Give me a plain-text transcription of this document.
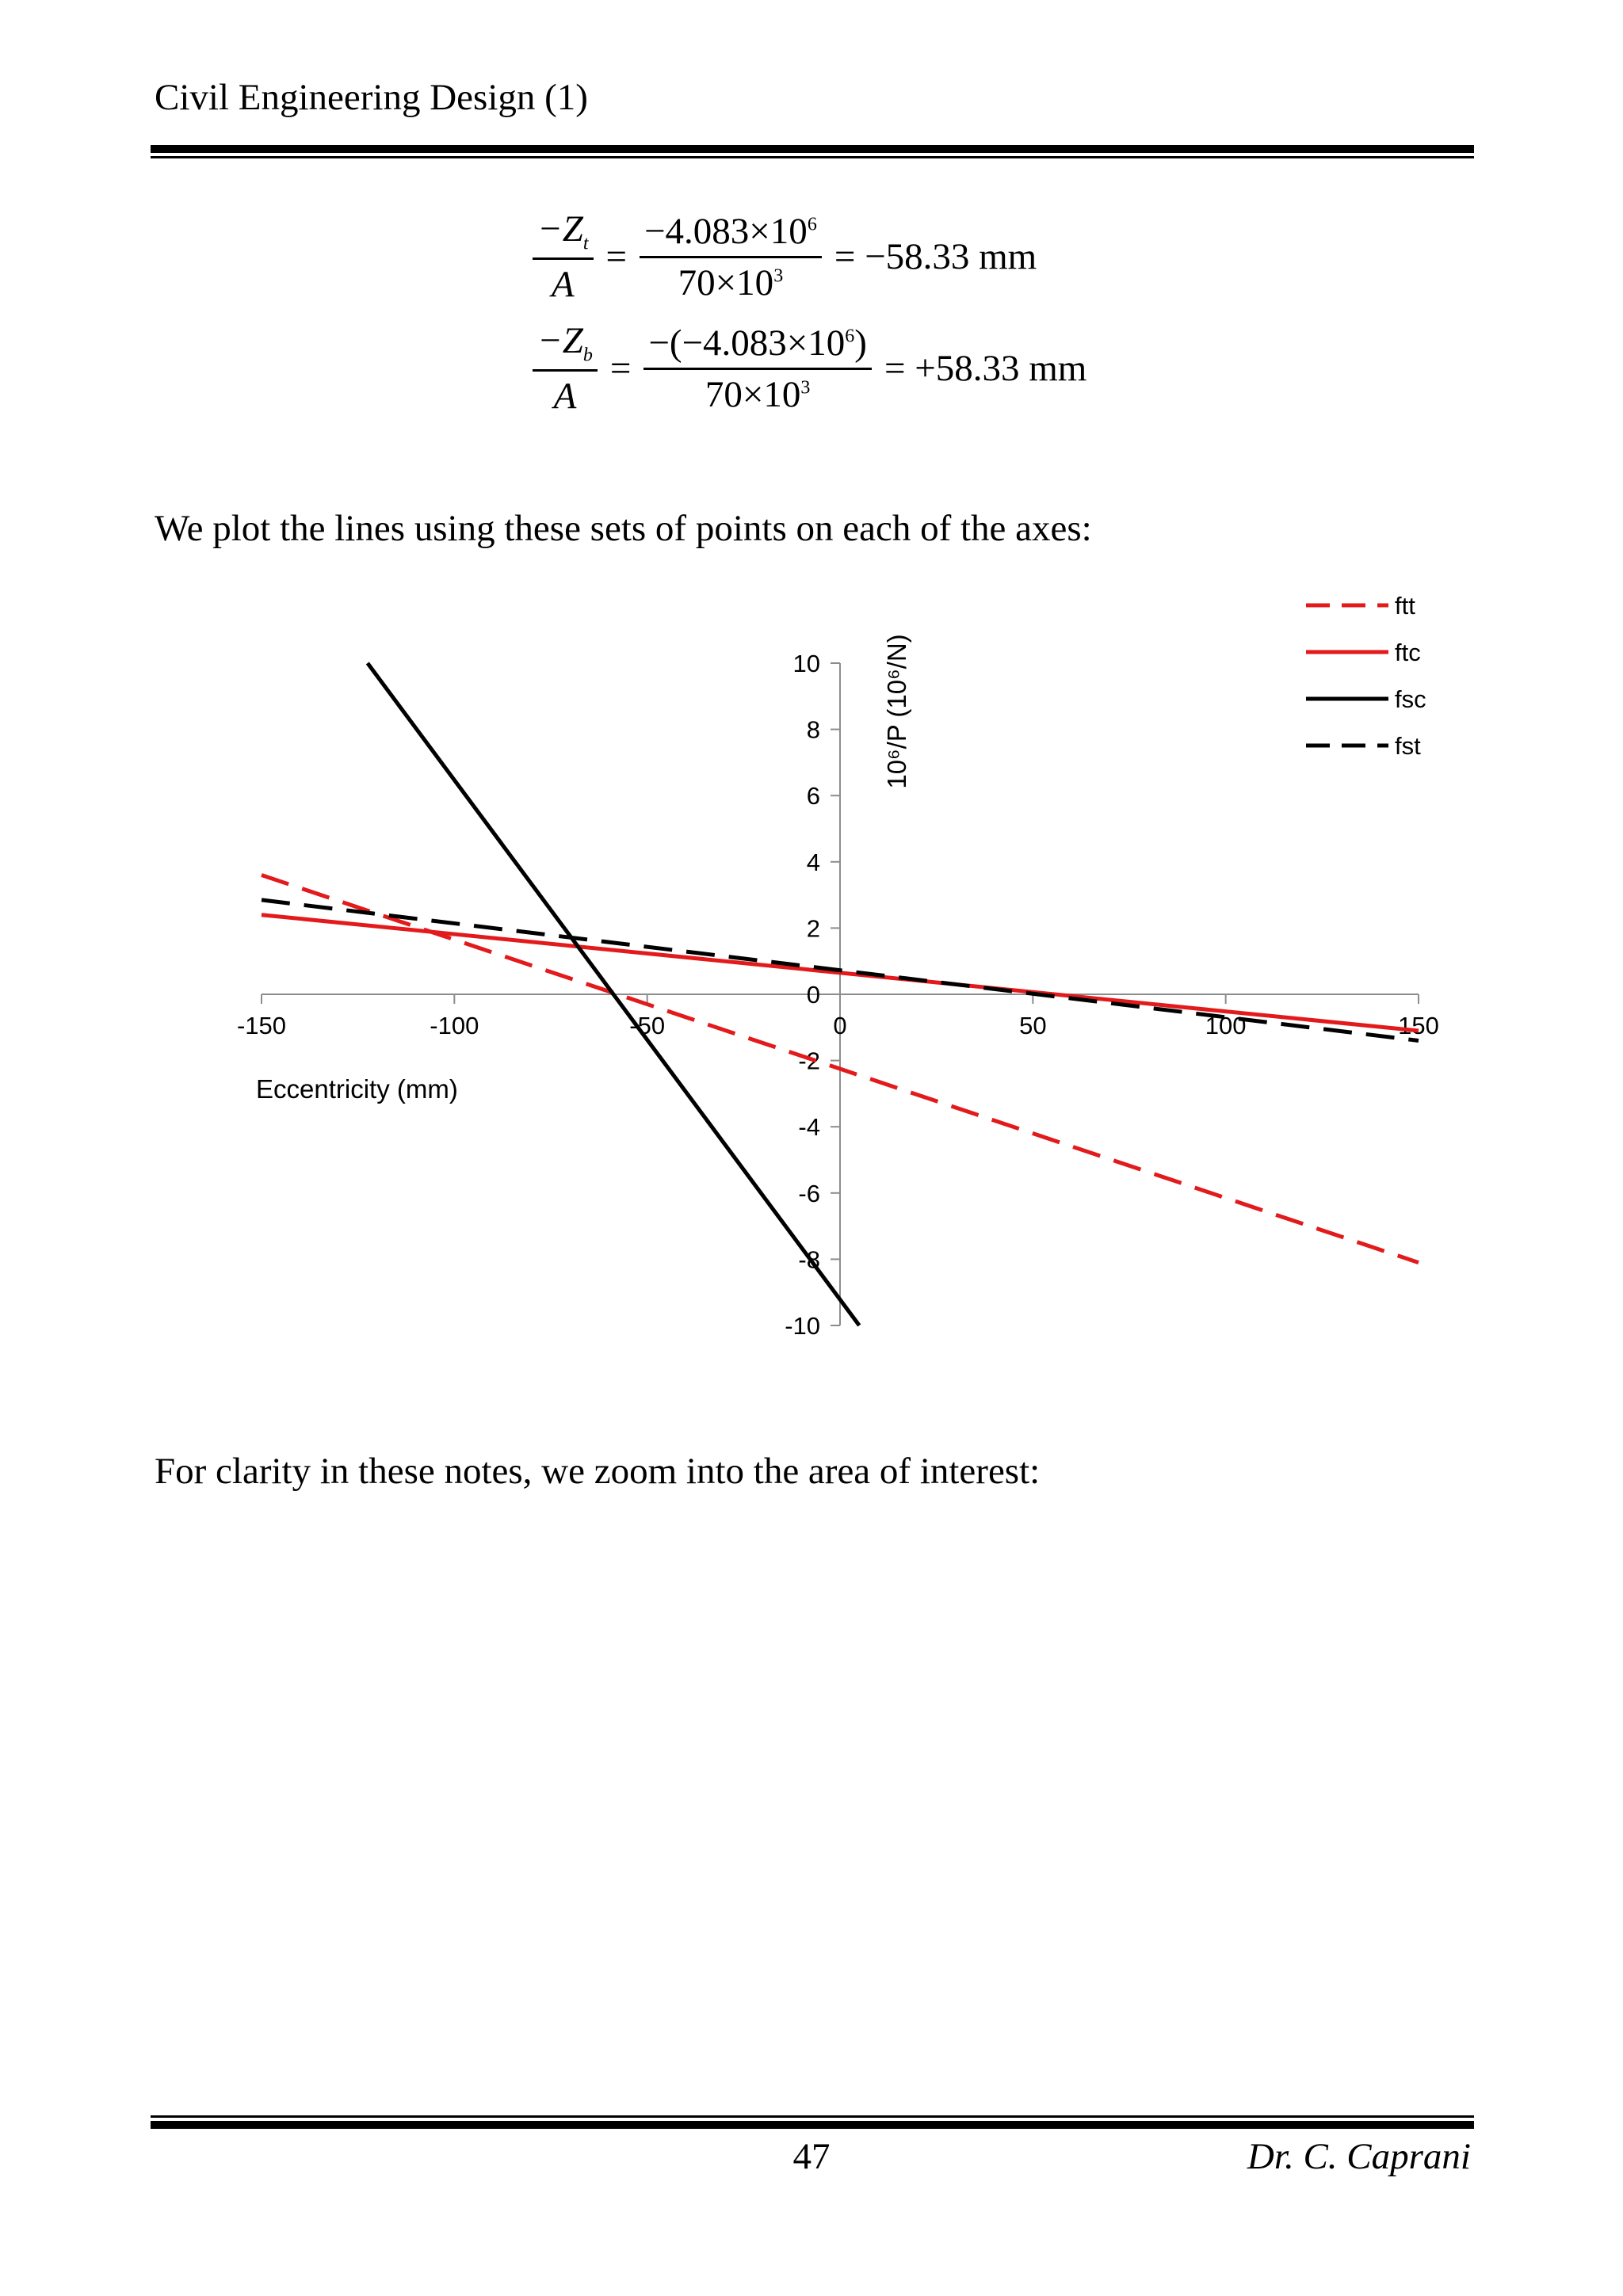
Civil Engineering Design (1)
$\frac{-Z_t}{A} = \frac{-4.083\times 10^6}{70\times 10^3} = -58.33$ mm
$\frac{-Z_b}{A} = \frac{-(-4.083\times 10^6)}{70\times 10^3} = +58.33$ mm
We plot the lines using these sets of points on each of the axes:
-150	-100	-50	0	50	100	150
-10
-8
-6
-4
-2
0
2
4
6
8
10
Eccentricity (mm)
10⁶/P (10⁶/N)
ftt
ftc
fsc
fst
For clarity in these notes, we zoom into the area of interest:
47	Dr. C. Caprani
